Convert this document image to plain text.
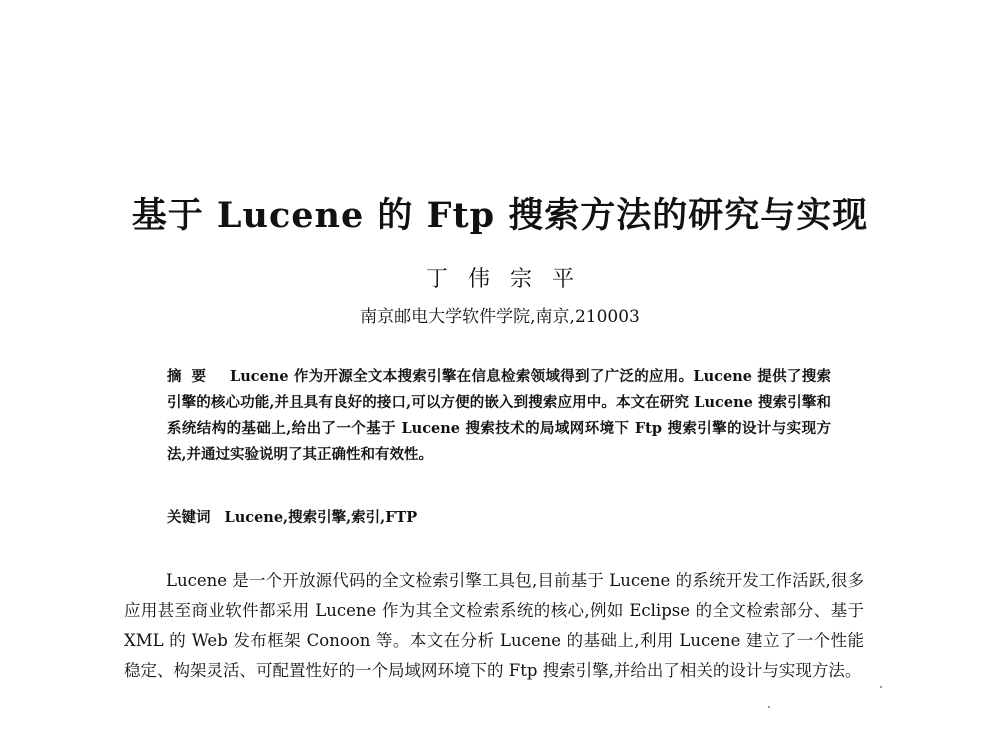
基于 Lucene 的 Ftp 搜索方法的研究与实现
丁伟宗平
南京邮电大学软件学院,南京,210003
摘要 Lucene 作为开源全文本搜索引擎在信息检索领域得到了广泛的应用。Lucene 提供了搜索引擎的核心功能,并且具有良好的接口,可以方便的嵌入到搜索应用中。本文在研究 Lucene 搜索引擎和系统结构的基础上,给出了一个基于 Lucene 搜索技术的局域网环境下 Ftp 搜索引擎的设计与实现方法,并通过实验说明了其正确性和有效性。
关键词 Lucene,搜索引擎,索引,FTP
Lucene 是一个开放源代码的全文检索引擎工具包,目前基于 Lucene 的系统开发工作活跃,很多应用甚至商业软件都采用 Lucene 作为其全文检索系统的核心,例如 Eclipse 的全文检索部分、基于 XML 的 Web 发布框架 Conoon 等。本文在分析 Lucene 的基础上,利用 Lucene 建立了一个性能稳定、构架灵活、可配置性好的一个局域网环境下的 Ftp 搜索引擎,并给出了相关的设计与实现方法。
